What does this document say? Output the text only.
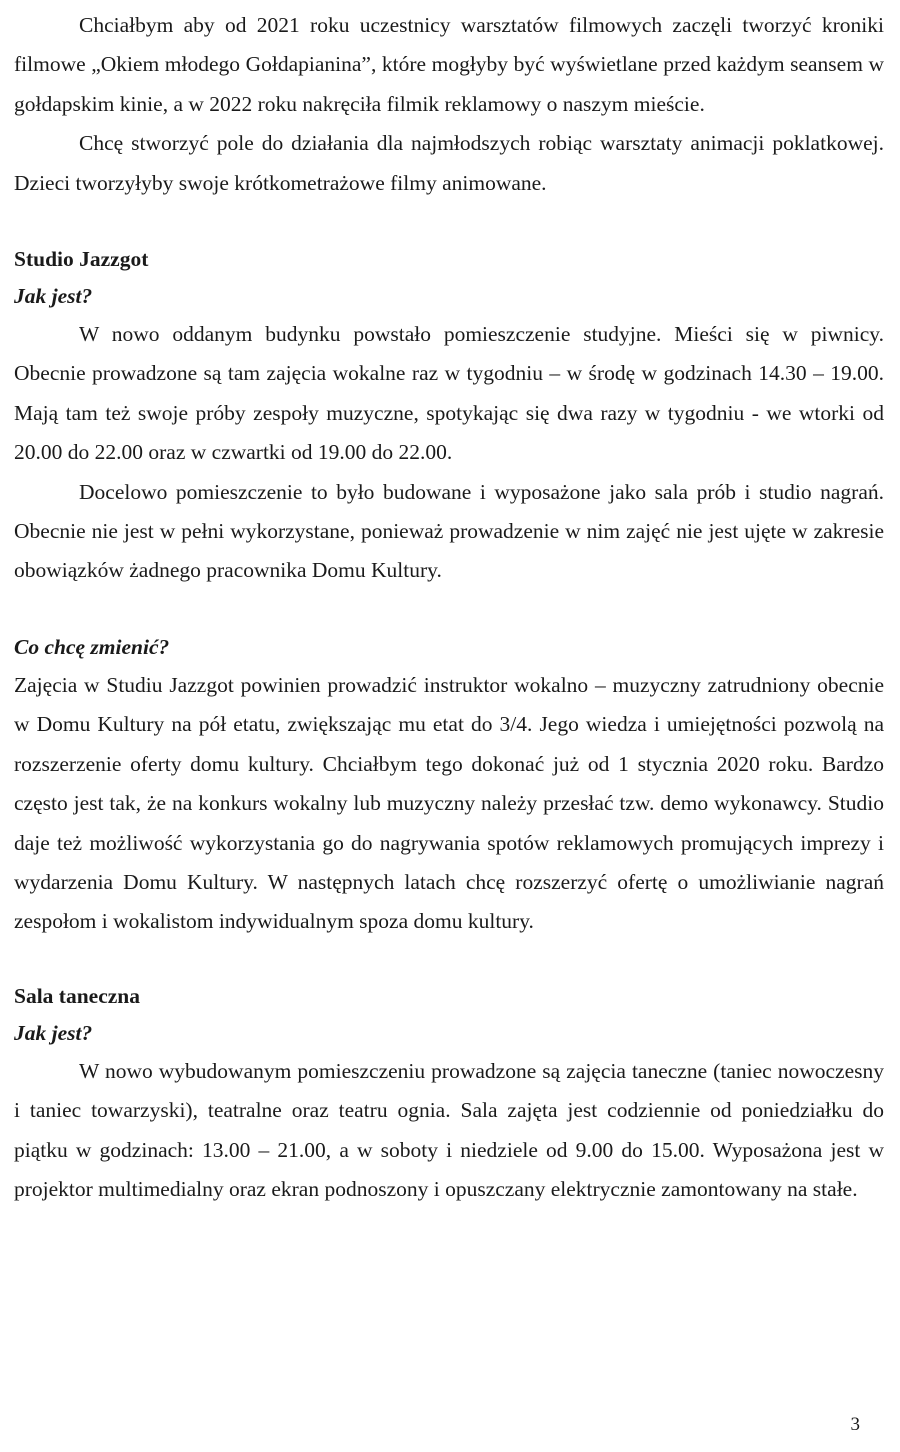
Chciałbym aby od 2021 roku uczestnicy warsztatów filmowych zaczęli tworzyć kroniki filmowe „Okiem młodego Gołdapianina”, które mogłyby być wyświetlane przed każdym seansem w gołdapskim kinie, a w 2022 roku nakręciła filmik reklamowy o naszym mieście.

Chcę stworzyć pole do działania dla najmłodszych robiąc warsztaty animacji poklatkowej. Dzieci tworzyłyby swoje krótkometrażowe filmy animowane.

Studio Jazzgot
Jak jest?

W nowo oddanym budynku powstało pomieszczenie studyjne. Mieści się w piwnicy. Obecnie prowadzone są tam zajęcia wokalne raz w tygodniu – w środę w godzinach 14.30 – 19.00. Mają tam też swoje próby zespoły muzyczne, spotykając się dwa razy w tygodniu - we wtorki od 20.00 do 22.00 oraz w czwartki od 19.00 do 22.00.

Docelowo pomieszczenie to było budowane i wyposażone jako sala prób i studio nagrań. Obecnie nie jest w pełni wykorzystane, ponieważ prowadzenie w nim zajęć nie jest ujęte w zakresie obowiązków żadnego pracownika Domu Kultury.

Co chcę zmienić?

Zajęcia w Studiu Jazzgot powinien prowadzić instruktor wokalno – muzyczny zatrudniony obecnie w Domu Kultury na pół etatu, zwiększając mu etat do 3/4. Jego wiedza i umiejętności pozwolą na rozszerzenie oferty domu kultury. Chciałbym tego dokonać już od 1 stycznia 2020 roku. Bardzo często jest tak, że na konkurs wokalny lub muzyczny należy przesłać tzw. demo wykonawcy. Studio daje też możliwość wykorzystania go do nagrywania spotów reklamowych promujących imprezy i wydarzenia Domu Kultury. W następnych latach chcę rozszerzyć ofertę o umożliwianie nagrań zespołom i wokalistom indywidualnym spoza domu kultury.

Sala taneczna
Jak jest?

W nowo wybudowanym pomieszczeniu prowadzone są zajęcia taneczne (taniec nowoczesny i taniec towarzyski), teatralne oraz teatru ognia. Sala zajęta jest codziennie od poniedziałku do piątku w godzinach: 13.00 – 21.00, a w soboty i niedziele od 9.00 do 15.00. Wyposażona jest w projektor multimedialny oraz ekran podnoszony i opuszczany elektrycznie zamontowany na stałe.

3
